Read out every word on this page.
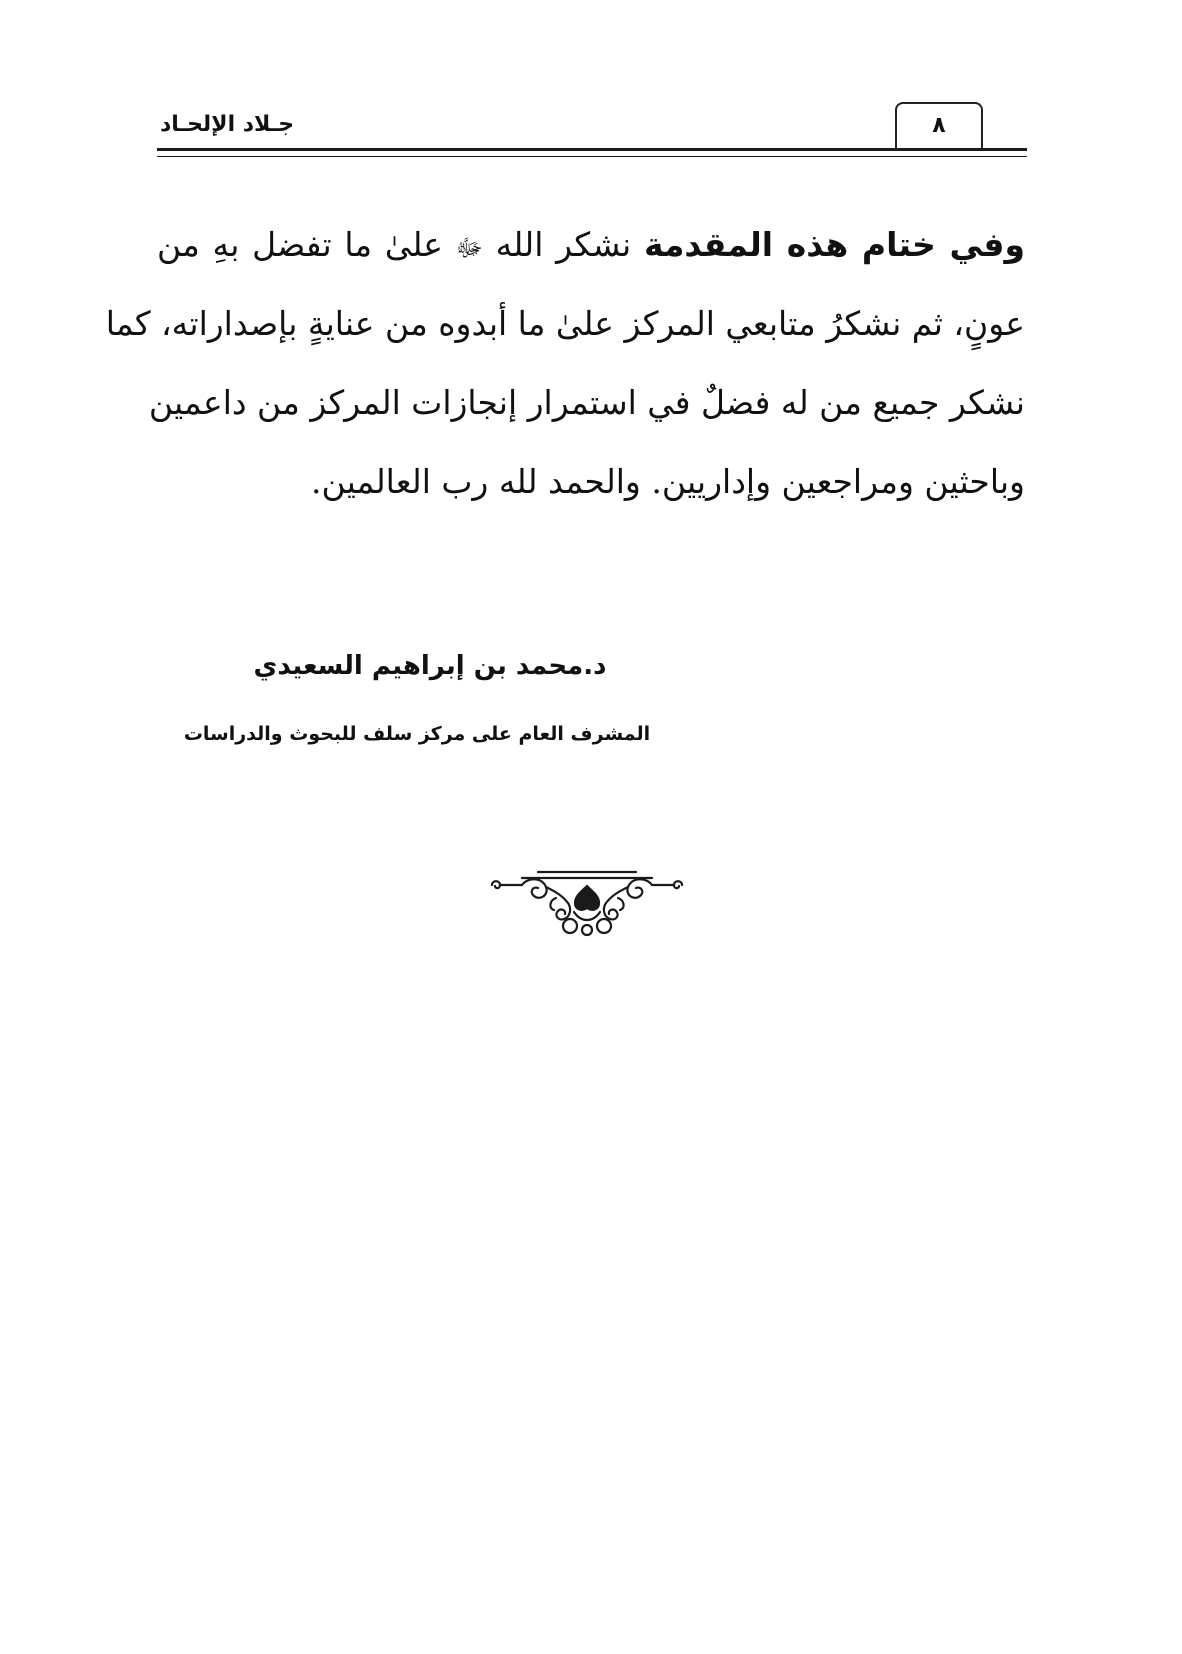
جـلاد الإلحـاد	٨
وفي ختام هذه المقدمة نشكر الله ﷻ علىٰ ما تفضل بهِ من
عونٍ، ثم نشكرُ متابعي المركز علىٰ ما أبدوه من عنايةٍ بإصداراته، كما
نشكر جميع من له فضلٌ في استمرار إنجازات المركز من داعمين
وباحثين ومراجعين وإداريين. والحمد لله رب العالمين.
د.محمد بن إبراهيم السعيدي
المشرف العام على مركز سلف للبحوث والدراسات
